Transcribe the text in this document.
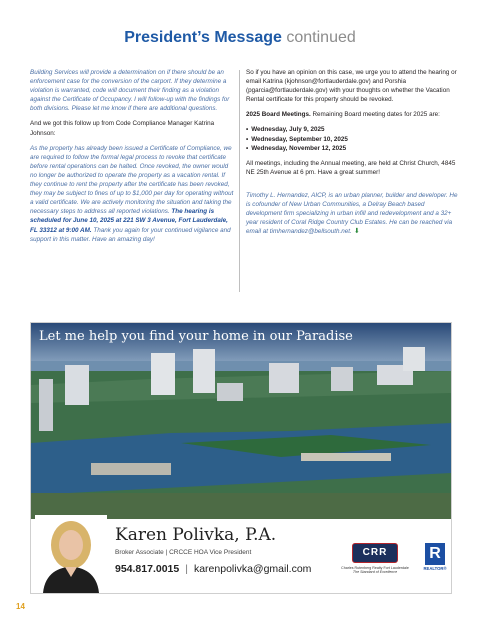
President’s Message continued

Building Services will provide a determination on if there should be an enforcement case for the conversion of the carport. If they determine a violation is warranted, code will document their finding as a violation against the Certificate of Occupancy. I will follow-up with the findings for both divisions. Please let me know if there are additional questions.

And we got this follow up from Code Compliance Manager Katrina Johnson:

As the property has already been issued a Certificate of Compliance, we are required to follow the formal legal process to revoke that certificate before rental operations can be halted. Once revoked, the owner would no longer be authorized to operate the property as a vacation rental. If they continue to rent the property after the certificate has been revoked, they may be subject to fines of up to $1,000 per day for operating without a valid certificate. We are actively monitoring the situation and taking the necessary steps to address all reported violations. The hearing is scheduled for June 10, 2025 at 221 SW 3 Avenue, Fort Lauderdale, FL 33312 at 9:00 AM. Thank you again for your continued vigilance and support in this matter. Have an amazing day!

So if you have an opinion on this case, we urge you to attend the hearing or email Katrina (kjohnson@fortlauderdale.gov) and Porshia (pgarcia@fortlauderdale.gov) with your thoughts on whether the Vacation Rental certificate for this property should be revoked.

2025 Board Meetings. Remaining Board meeting dates for 2025 are:

• Wednesday, July 9, 2025
• Wednesday, September 10, 2025
• Wednesday, November 12, 2025

All meetings, including the Annual meeting, are held at Christ Church, 4845 NE 25th Avenue at 6 pm. Have a great summer!

Timothy L. Hernandez, AICP, is an urban planner, builder and developer. He is cofounder of New Urban Communities, a Delray Beach based development firm specializing in urban infill and redevelopment and a 32+ year resident of Coral Ridge Country Club Estates. He can be reached via email at timhernandez@bellsouth.net. ⬇

Let me help you find your home in our Paradise
Karen Polivka, P.A.
Broker Associate | CRCCE HOA Vice President
954.817.0015 | karenpolivka@gmail.com
CRR
Charles Rutenberg Realty Fort Lauderdale
The Standard of Excellence
R
REALTOR®
14
